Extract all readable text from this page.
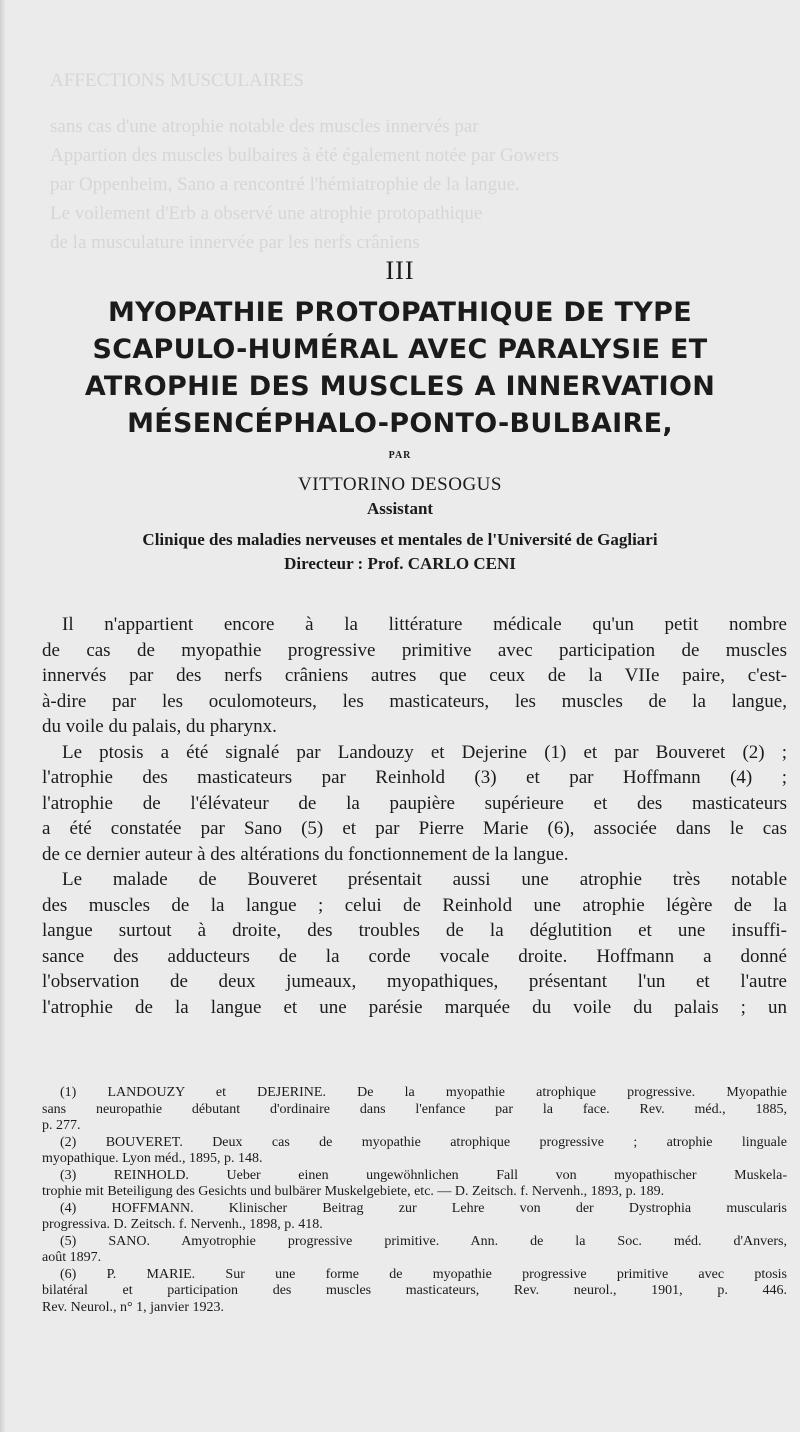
AFFECTIONS MUSCULAIRES
sans cas d'une atrophie notable des muscles innervés par
Appartion des muscles bulbaires à été également notée par Gowers
par Oppenheim, Sano a rencontré l'hémiatrophie de la langue.
Le voilement d'Erb a observé une atrophie protopathique
de la musculature innervée par les nerfs crâniens
III
MYOPATHIE PROTOPATHIQUE DE TYPE
SCAPULO-HUMÉRAL AVEC PARALYSIE ET
ATROPHIE DES MUSCLES A INNERVATION
MÉSENCÉPHALO-PONTO-BULBAIRE,
PAR
VITTORINO DESOGUS
Assistant
Clinique des maladies nerveuses et mentales de l'Université de Gagliari
Directeur : Prof. CARLO CENI
Il n'appartient encore à la littérature médicale qu'un petit nombre
de cas de myopathie progressive primitive avec participation de muscles
innervés par des nerfs crâniens autres que ceux de la VIIe paire, c'est-
à-dire par les oculomoteurs, les masticateurs, les muscles de la langue,
du voile du palais, du pharynx.
Le ptosis a été signalé par Landouzy et Dejerine (1) et par Bouveret (2) ;
l'atrophie des masticateurs par Reinhold (3) et par Hoffmann (4) ;
l'atrophie de l'élévateur de la paupière supérieure et des masticateurs
a été constatée par Sano (5) et par Pierre Marie (6), associée dans le cas
de ce dernier auteur à des altérations du fonctionnement de la langue.
Le malade de Bouveret présentait aussi une atrophie très notable
des muscles de la langue ; celui de Reinhold une atrophie légère de la
langue surtout à droite, des troubles de la déglutition et une insuffi-
sance des adducteurs de la corde vocale droite. Hoffmann a donné
l'observation de deux jumeaux, myopathiques, présentant l'un et l'autre
l'atrophie de la langue et une parésie marquée du voile du palais ; un
(1) LANDOUZY et DEJERINE. De la myopathie atrophique progressive. Myopathie
sans neuropathie débutant d'ordinaire dans l'enfance par la face. Rev. méd., 1885,
p. 277.
(2) BOUVERET. Deux cas de myopathie atrophique progressive ; atrophie linguale
myopathique. Lyon méd., 1895, p. 148.
(3) REINHOLD. Ueber einen ungewöhnlichen Fall von myopathischer Muskelа-
trophie mit Beteiligung des Gesichts und bulbärer Muskelgebiete, etc. — D. Zeitsch. f. Nervenh., 1893, p. 189.
(4) HOFFMANN. Klinischer Beitrag zur Lehre von der Dystrophia muscularis
progressiva. D. Zeitsch. f. Nervenh., 1898, p. 418.
(5) SANO. Amyotrophie progressive primitive. Ann. de la Soc. méd. d'Anvers,
août 1897.
(6) P. MARIE. Sur une forme de myopathie progressive primitive avec ptosis
bilatéral et participation des muscles masticateurs, Rev. neurol., 1901, p. 446.
Rev. Neurol., n° 1, janvier 1923.
